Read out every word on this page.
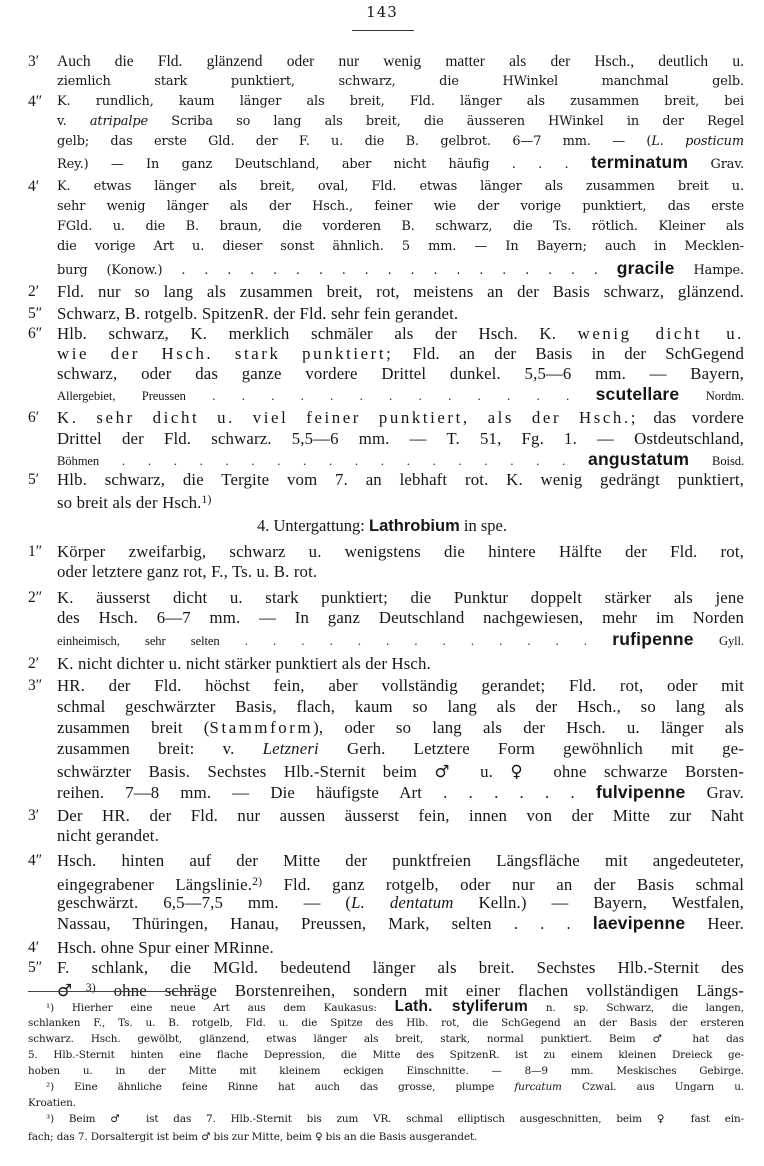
143
3′	Auch die Fld. glänzend oder nur wenig matter als der Hsch., deutlich u.
ziemlich stark punktiert, schwarz, die HWinkel manchmal gelb.
4″	K. rundlich, kaum länger als breit, Fld. länger als zusammen breit, bei
v. atripalpe Scriba so lang als breit, die äusseren HWinkel in der Regel
gelb; das erste Gld. der F. u. die B. gelbrot. 6—7 mm. — (L. posticum
Rey.) — In ganz Deutschland, aber nicht häufig . . . terminatum Grav.
4′	K. etwas länger als breit, oval, Fld. etwas länger als zusammen breit u.
sehr wenig länger als der Hsch., feiner wie der vorige punktiert, das erste
FGld. u. die B. braun, die vorderen B. schwarz, die Ts. rötlich. Kleiner als
die vorige Art u. dieser sonst ähnlich. 5 mm. — In Bayern; auch in Mecklen-
burg (Konow.) . . . . . . . . . . . . . . . . . . . gracile Hampe.
2′	Fld. nur so lang als zusammen breit, rot, meistens an der Basis schwarz, glänzend.
5″ Schwarz, B. rotgelb. SpitzenR. der Fld. sehr fein gerandet.
6″ Hlb. schwarz, K. merklich schmäler als der Hsch. K. wenig dicht u.
wie der Hsch. stark punktiert; Fld. an der Basis in der SchGegend
schwarz, oder das ganze vordere Drittel dunkel. 5,5—6 mm. — Bayern,
Allergebiet, Preussen . . . . . . . . . . . . . scutellare Nordm.
6′	K. sehr dicht u. viel feiner punktiert, als der Hsch.; das vordere
Drittel der Fld. schwarz. 5,5—6 mm. — T. 51, Fg. 1. — Ostdeutschland,
Böhmen . . . . . . . . . . . . . . . . . . angustatum Boisd.
5′	Hlb. schwarz, die Tergite vom 7. an lebhaft rot. K. wenig gedrängt punktiert,
so breit als der Hsch.$^{1)}$
4. Untergattung: Lathrobium in spe.
1″ Körper zweifarbig, schwarz u. wenigstens die hintere Hälfte der Fld. rot,
oder letztere ganz rot, F., Ts. u. B. rot.
2″ K. äusserst dicht u. stark punktiert; die Punktur doppelt stärker als jene
des Hsch. 6—7 mm. — In ganz Deutschland nachgewiesen, mehr im Norden
einheimisch, sehr selten . . . . . . . . . . . . . rufipenne Gyll.
2′	K. nicht dichter u. nicht stärker punktiert als der Hsch.
3″ HR. der Fld. höchst fein, aber vollständig gerandet; Fld. rot, oder mit
schmal geschwärzter Basis, flach, kaum so lang als der Hsch., so lang als
zusammen breit (Stammform), oder so lang als der Hsch. u. länger als
zusammen breit: v. Letzneri Gerh. Letztere Form gewöhnlich mit ge-
schwärzter Basis. Sechstes Hlb.-Sternit beim ♂ u. ♀ ohne schwarze Borsten-
reihen. 7—8 mm. — Die häufigste Art . . . . . . fulvipenne Grav.
3′	Der HR. der Fld. nur aussen äusserst fein, innen von der Mitte zur Naht
nicht gerandet.
4″ Hsch. hinten auf der Mitte der punktfreien Längsfläche mit angedeuteter,
eingegrabener Längslinie.$^{2)}$ Fld. ganz rotgelb, oder nur an der Basis schmal
geschwärzt. 6,5—7,5 mm. — (L. dentatum Kelln.) — Bayern, Westfalen,
Nassau, Thüringen, Hanau, Preussen, Mark, selten . . . laevipenne Heer.
4′	Hsch. ohne Spur einer MRinne.
5″ F. schlank, die MGld. bedeutend länger als breit. Sechstes Hlb.-Sternit des
♂$^{3)}$ ohne schräge Borstenreihen, sondern mit einer flachen vollständigen Längs-
¹) Hierher eine neue Art aus dem Kaukasus: Lath. styliferum n. sp. Schwarz, die langen,
schlanken F., Ts. u. B. rotgelb, Fld. u. die Spitze des Hlb. rot, die SchGegend an der Basis der ersteren
schwarz. Hsch. gewölbt, glänzend, etwas länger als breit, stark, normal punktiert. Beim ♂ hat das
5. Hlb.-Sternit hinten eine flache Depression, die Mitte des SpitzenR. ist zu einem kleinen Dreieck ge-
hoben u. in der Mitte mit kleinem eckigen Einschnitte. — 8—9 mm. Meskisches Gebirge.
²) Eine ähnliche feine Rinne hat auch das grosse, plumpe furcatum Czwal. aus Ungarn u.
Kroatien.
³) Beim ♂ ist das 7. Hlb.-Sternit bis zum VR. schmal elliptisch ausgeschnitten, beim ♀ fast ein-
fach; das 7. Dorsaltergit ist beim ♂ bis zur Mitte, beim ♀ bis an die Basis ausgerandet.
